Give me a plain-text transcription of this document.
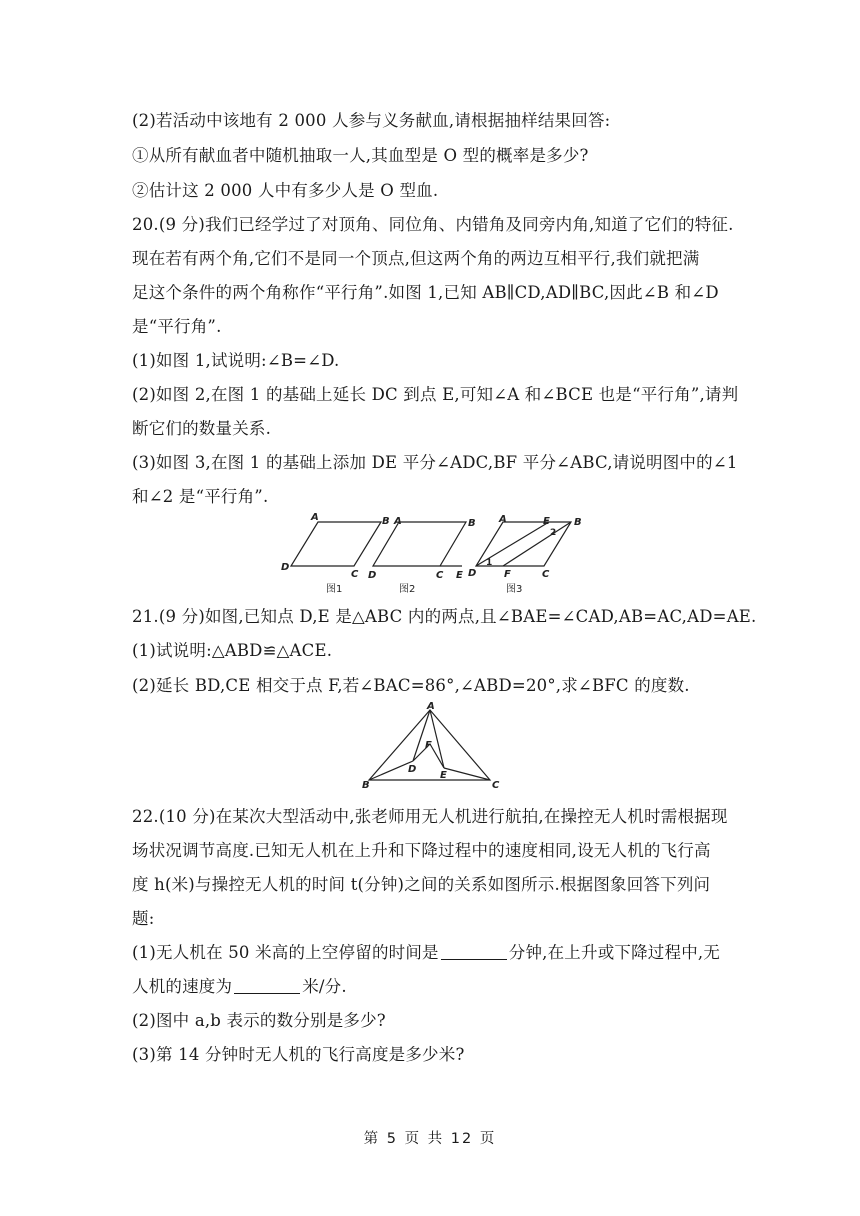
(2)若活动中该地有 2 000 人参与义务献血,请根据抽样结果回答:
①从所有献血者中随机抽取一人,其血型是 O 型的概率是多少?
②估计这 2 000 人中有多少人是 O 型血.
20.(9 分)我们已经学过了对顶角、同位角、内错角及同旁内角,知道了它们的特征.
现在若有两个角,它们不是同一个顶点,但这两个角的两边互相平行,我们就把满
足这个条件的两个角称作“平行角”.如图 1,已知 AB∥CD,AD∥BC,因此∠B 和∠D
是“平行角”.
(1)如图 1,试说明:∠B=∠D.
(2)如图 2,在图 1 的基础上延长 DC 到点 E,可知∠A 和∠BCE 也是“平行角”,请判
断它们的数量关系.
(3)如图 3,在图 1 的基础上添加 DE 平分∠ADC,BF 平分∠ABC,请说明图中的∠1
和∠2 是“平行角”.
A	B
C
D
A	B
C
D	E
A	B
C
D
E
F
1
2
图1	图2	图3
21.(9 分)如图,已知点 D,E 是△ABC 内的两点,且∠BAE=∠CAD,AB=AC,AD=AE.
(1)试说明:△ABD≌△ACE.
(2)延长 BD,CE 相交于点 F,若∠BAC=86°,∠ABD=20°,求∠BFC 的度数.
A
B	C
D
E
F
22.(10 分)在某次大型活动中,张老师用无人机进行航拍,在操控无人机时需根据现
场状况调节高度.已知无人机在上升和下降过程中的速度相同,设无人机的飞行高
度 h(米)与操控无人机的时间 t(分钟)之间的关系如图所示.根据图象回答下列问
题:
(1)无人机在 50 米高的上空停留的时间是	分钟,在上升或下降过程中,无
人机的速度为	米/分.
(2)图中 a,b 表示的数分别是多少?
(3)第 14 分钟时无人机的飞行高度是多少米?
第 5 页 共 12 页
